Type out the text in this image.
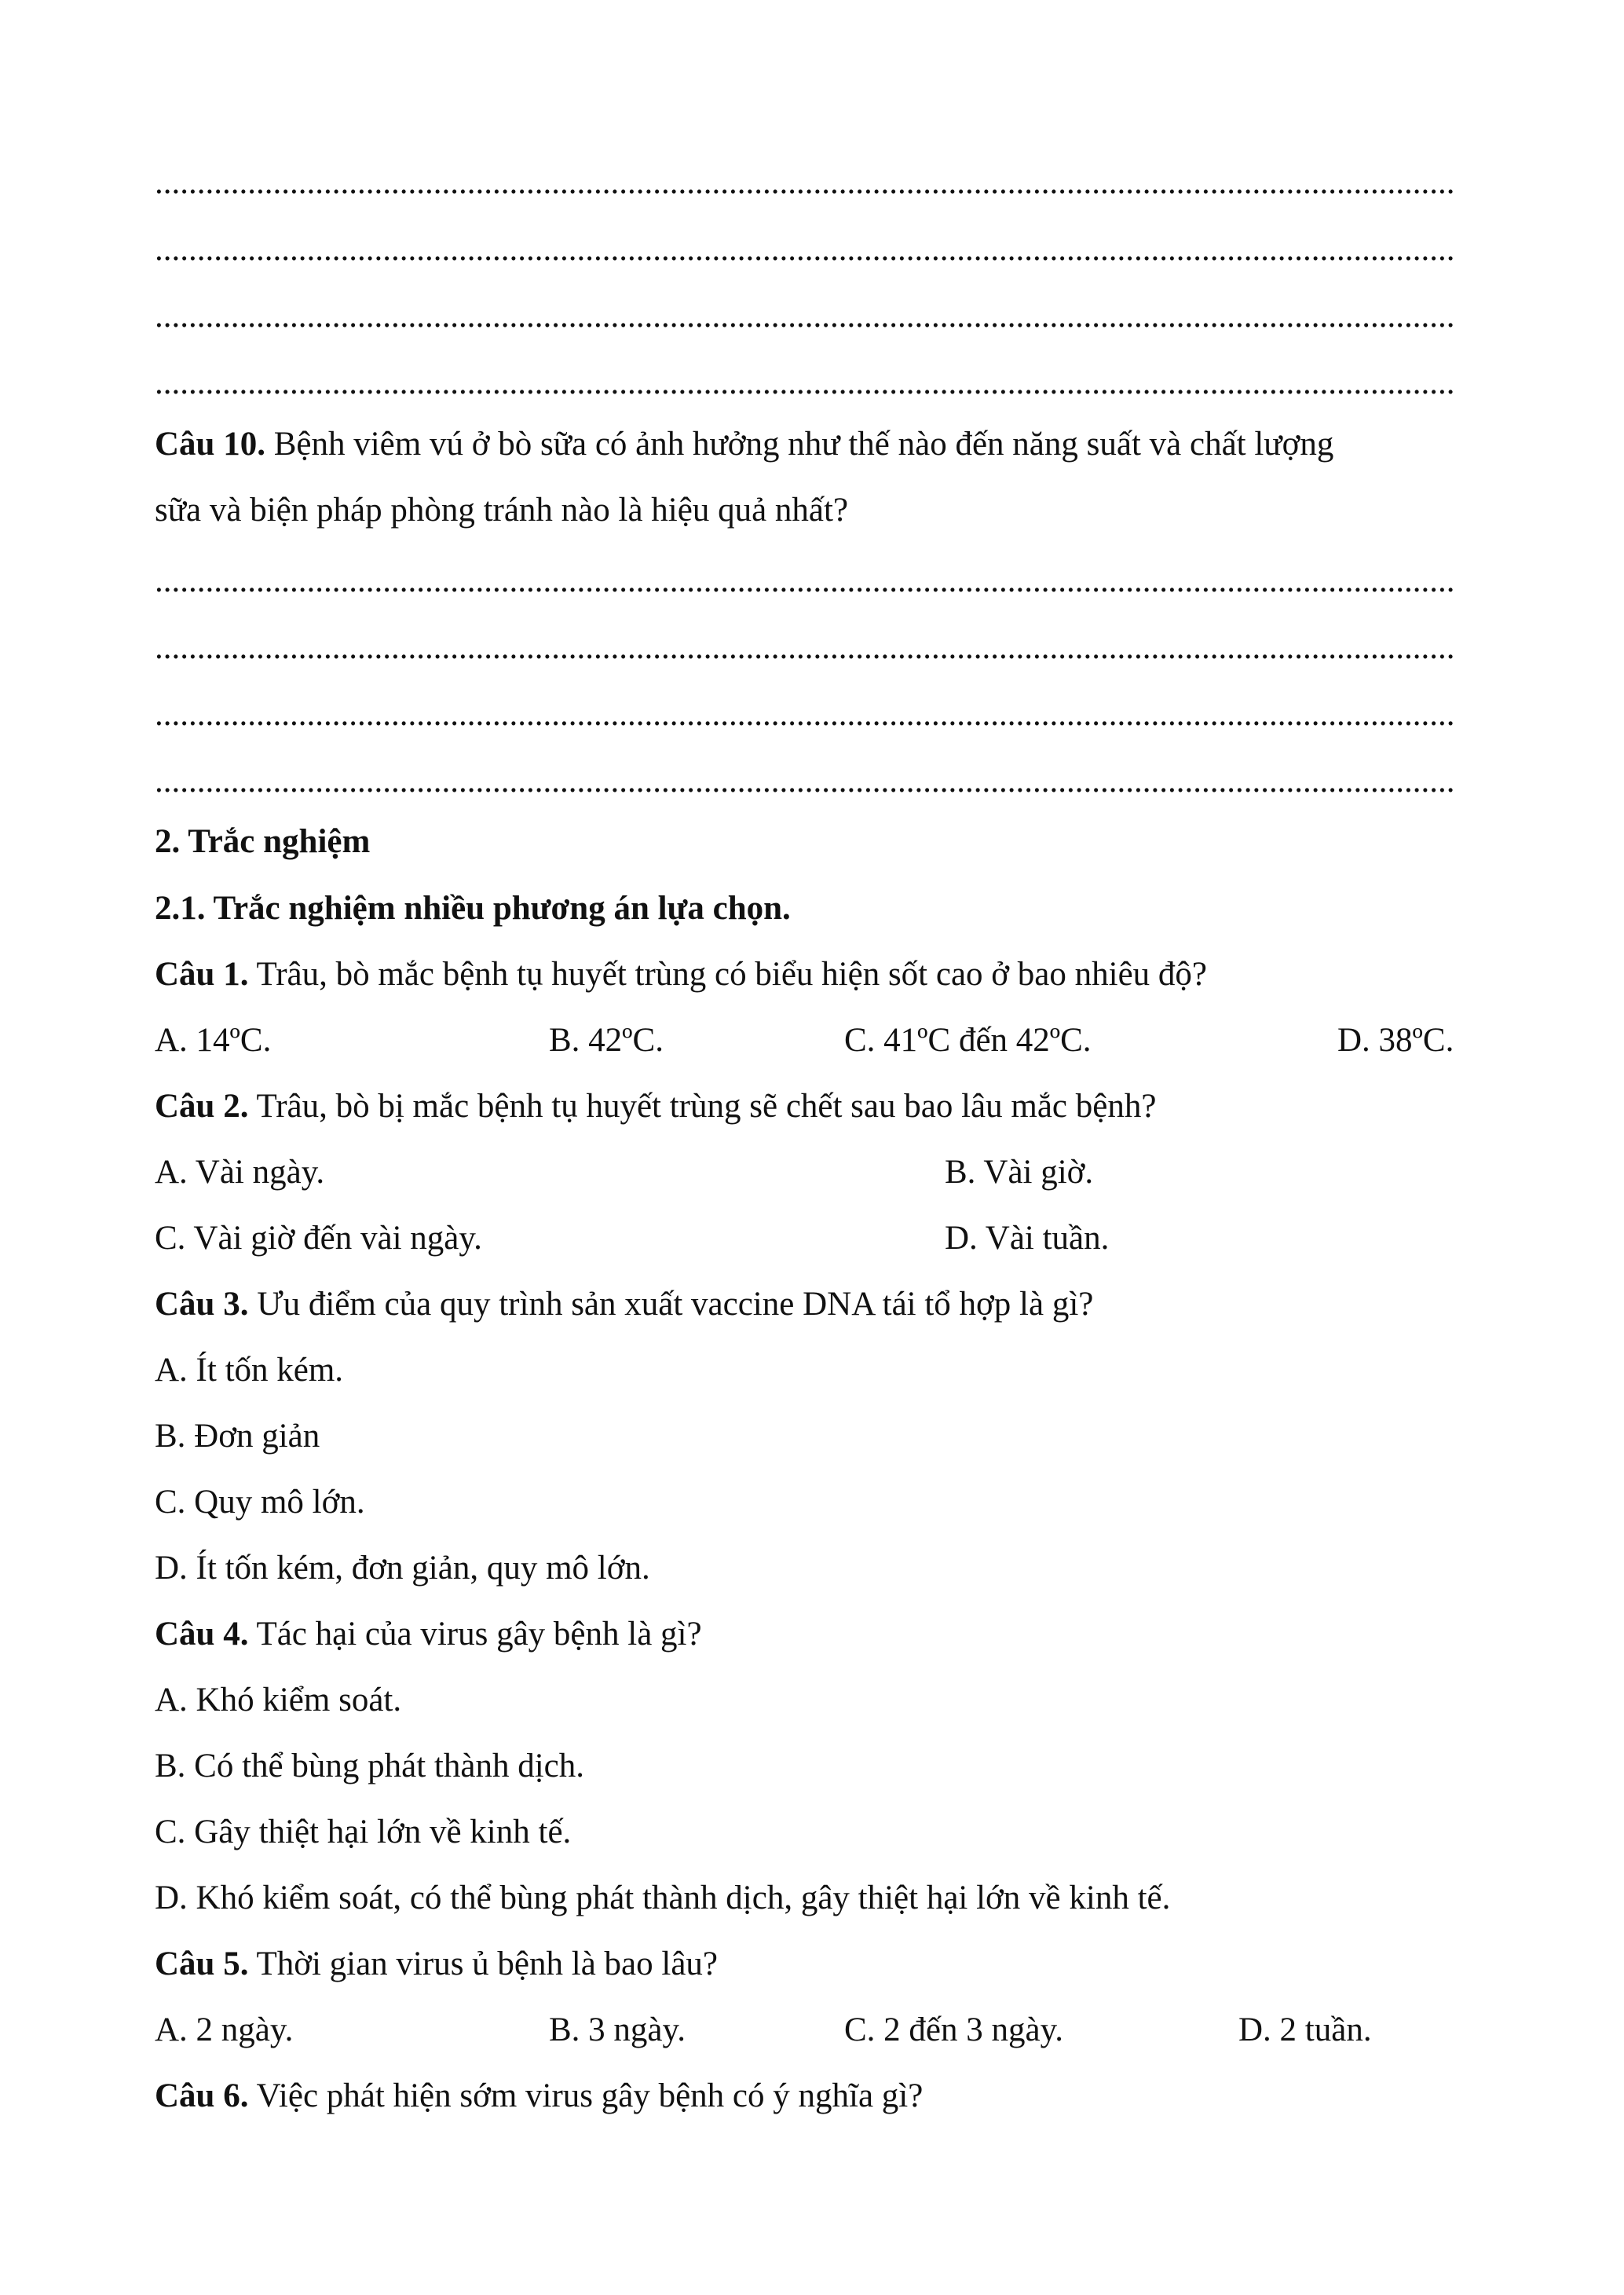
..........................................................................................................................................................
..........................................................................................................................................................
..........................................................................................................................................................
..........................................................................................................................................................
Câu 10. Bệnh viêm vú ở bò sữa có ảnh hưởng như thế nào đến năng suất và chất lượng
sữa và biện pháp phòng tránh nào là hiệu quả nhất?
..........................................................................................................................................................
..........................................................................................................................................................
..........................................................................................................................................................
..........................................................................................................................................................
2. Trắc nghiệm
2.1. Trắc nghiệm nhiều phương án lựa chọn.
Câu 1. Trâu, bò mắc bệnh tụ huyết trùng có biểu hiện sốt cao ở bao nhiêu độ?
A. 14ºC.	B. 42ºC.	C. 41ºC đến 42ºC.	D. 38ºC.
Câu 2. Trâu, bò bị mắc bệnh tụ huyết trùng sẽ chết sau bao lâu mắc bệnh?
A. Vài ngày.	B. Vài giờ.
C. Vài giờ đến vài ngày.	D. Vài tuần.
Câu 3. Ưu điểm của quy trình sản xuất vaccine DNA tái tổ hợp là gì?
A. Ít tốn kém.
B. Đơn giản
C. Quy mô lớn.
D. Ít tốn kém, đơn giản, quy mô lớn.
Câu 4. Tác hại của virus gây bệnh là gì?
A. Khó kiểm soát.
B. Có thể bùng phát thành dịch.
C. Gây thiệt hại lớn về kinh tế.
D. Khó kiểm soát, có thể bùng phát thành dịch, gây thiệt hại lớn về kinh tế.
Câu 5. Thời gian virus ủ bệnh là bao lâu?
A. 2 ngày.	B. 3 ngày.	C. 2 đến 3 ngày.	D. 2 tuần.
Câu 6. Việc phát hiện sớm virus gây bệnh có ý nghĩa gì?
